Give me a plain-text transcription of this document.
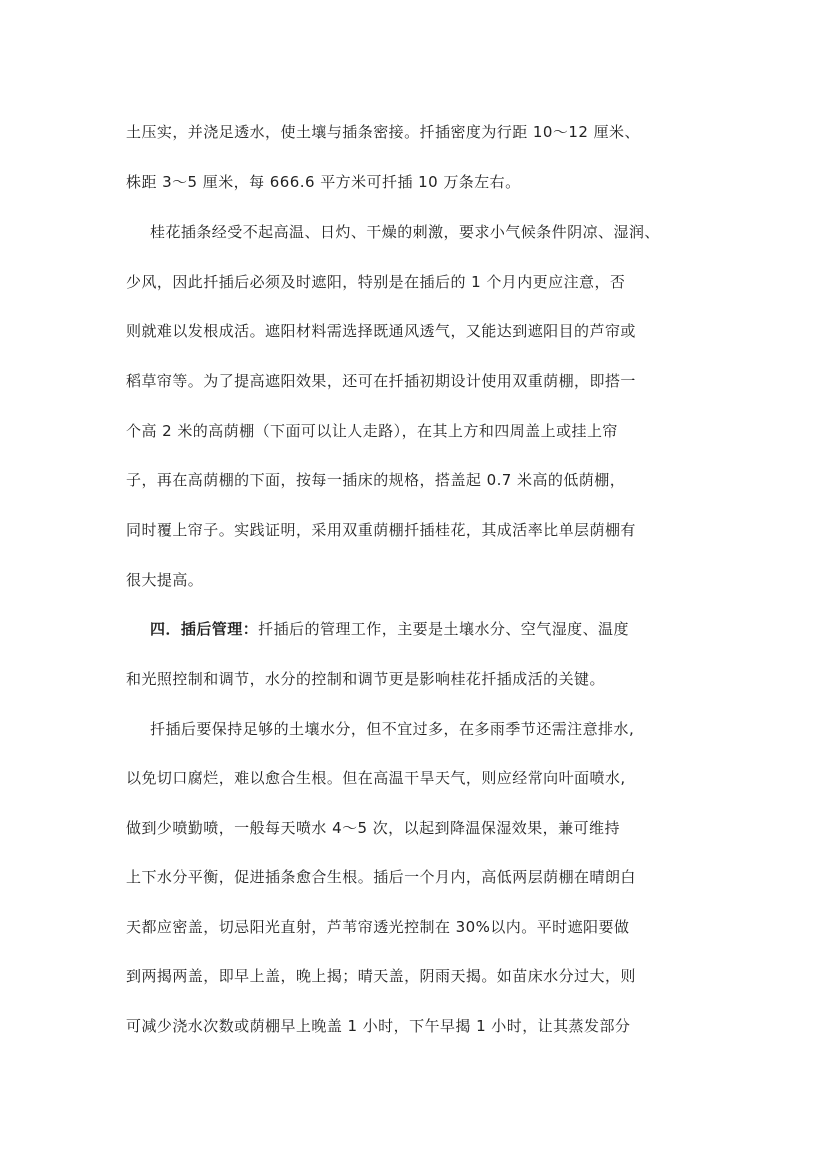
土压实，并浇足透水，使土壤与插条密接。扦插密度为行距 10～12 厘米、
株距 3～5 厘米，每 666.6 平方米可扦插 10 万条左右。
桂花插条经受不起高温、日灼、干燥的刺激，要求小气候条件阴凉、湿润、
少风，因此扦插后必须及时遮阳，特别是在插后的 1 个月内更应注意，否
则就难以发根成活。遮阳材料需选择既通风透气，又能达到遮阳目的芦帘或
稻草帘等。为了提高遮阳效果，还可在扦插初期设计使用双重荫棚，即搭一
个高 2 米的高荫棚（下面可以让人走路），在其上方和四周盖上或挂上帘
子，再在高荫棚的下面，按每一插床的规格，搭盖起 0.7 米高的低荫棚，
同时覆上帘子。实践证明，采用双重荫棚扦插桂花，其成活率比单层荫棚有
很大提高。
四．插后管理：扦插后的管理工作，主要是土壤水分、空气湿度、温度
和光照控制和调节，水分的控制和调节更是影响桂花扦插成活的关键。
扦插后要保持足够的土壤水分，但不宜过多，在多雨季节还需注意排水,
以免切口腐烂，难以愈合生根。但在高温干旱天气，则应经常向叶面喷水,
做到少喷勤喷，一般每天喷水 4～5 次，以起到降温保湿效果，兼可维持
上下水分平衡，促进插条愈合生根。插后一个月内，高低两层荫棚在晴朗白
天都应密盖，切忌阳光直射，芦苇帘透光控制在 30%以内。平时遮阳要做
到两揭两盖，即早上盖，晚上揭；晴天盖，阴雨天揭。如苗床水分过大，则
可减少浇水次数或荫棚早上晚盖 1 小时，下午早揭 1 小时，让其蒸发部分
